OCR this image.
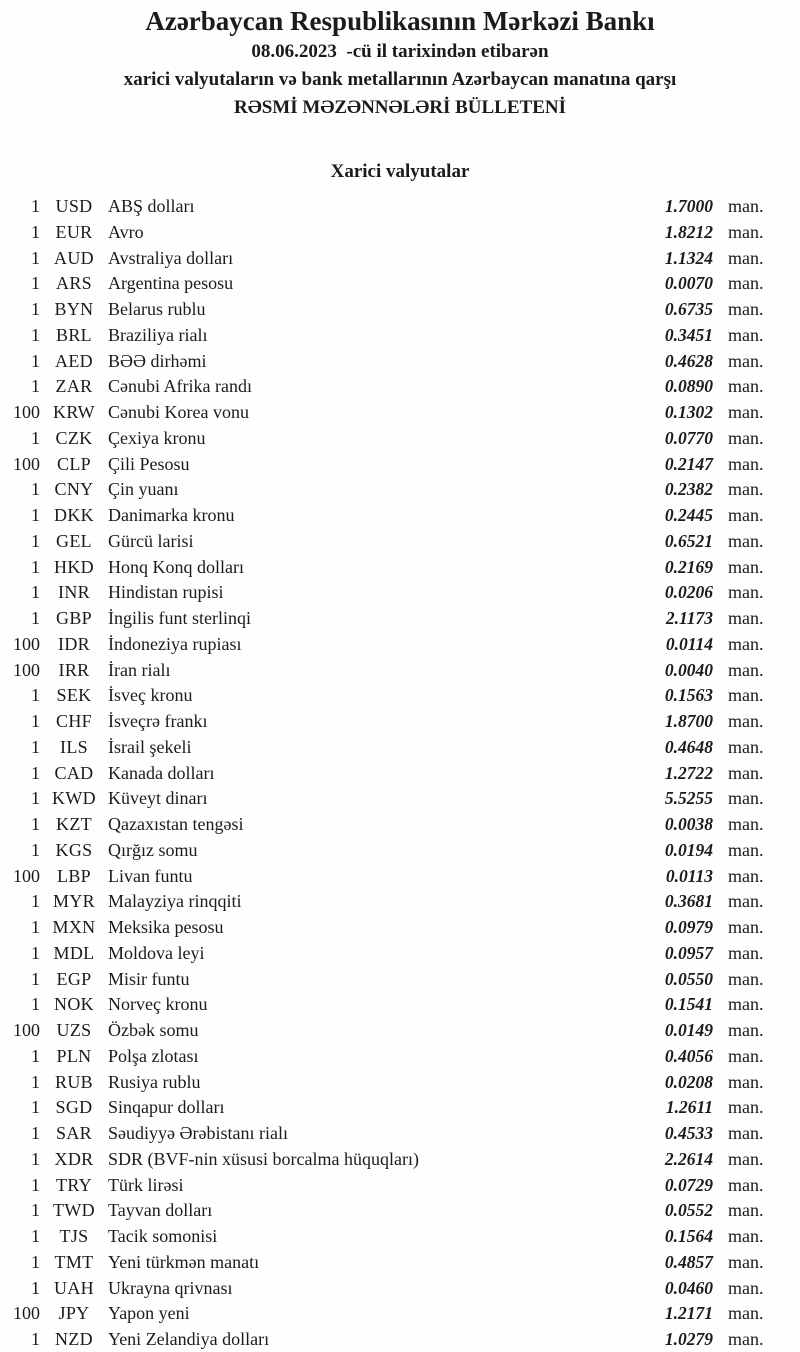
Azərbaycan Respublikasının Mərkəzi Bankı

08.06.2023  -cü il tarixindən etibarən

xarici valyutaların və bank metallarının Azərbaycan manatına qarşı

RƏSMİ MƏZƏNNƏLƏRİ BÜLLETENİ

Xarici valyutalar
1 USD ABŞ dolları	1.7000 man.
1 EUR Avro	1.8212 man.
1 AUD Avstraliya dolları	1.1324 man.
1 ARS Argentina pesosu	0.0070 man.
1 BYN Belarus rublu	0.6735 man.
1 BRL Braziliya rialı	0.3451 man.
1 AED BƏƏ dirhəmi	0.4628 man.
1 ZAR Cənubi Afrika randı	0.0890 man.
100 KRW Cənubi Korea vonu	0.1302 man.
1 CZK Çexiya kronu	0.0770 man.
100 CLP Çili Pesosu	0.2147 man.
1 CNY Çin yuanı	0.2382 man.
1 DKK Danimarka kronu	0.2445 man.
1 GEL Gürcü larisi	0.6521 man.
1 HKD Honq Konq dolları	0.2169 man.
1	INR	Hindistan rupisi	0.0206 man.
1 GBP İngilis funt sterlinqi	2.1173 man.
100	IDR	İndoneziya rupiası	0.0114 man.
100	IRR	İran rialı	0.0040 man.
1 SEK İsveç kronu	0.1563 man.
1 CHF İsveçrə frankı	1.8700 man.
1	ILS	İsrail şekeli	0.4648 man.
1 CAD Kanada dolları	1.2722 man.
1 KWD Küveyt dinarı	5.5255 man.
1 KZT Qazaxıstan tengəsi	0.0038 man.
1 KGS Qırğız somu	0.0194 man.
100 LBP Livan funtu	0.0113 man.
1 MYR Malayziya rinqqiti	0.3681 man.
1 MXN Meksika pesosu	0.0979 man.
1 MDL Moldova leyi	0.0957 man.
1 EGP Misir funtu	0.0550 man.
1 NOK Norveç kronu	0.1541 man.
100 UZS Özbək somu	0.0149 man.
1 PLN Polşa zlotası	0.4056 man.
1 RUB Rusiya rublu	0.0208 man.
1 SGD Sinqapur dolları	1.2611 man.
1 SAR Səudiyyə Ərəbistanı rialı	0.4533 man.
1 XDR SDR (BVF-nin xüsusi borcalma hüquqları)	2.2614 man.
1 TRY Türk lirəsi	0.0729 man.
1 TWD Tayvan dolları	0.0552 man.
1	TJS	Tacik somonisi	0.1564 man.
1 TMT Yeni türkmən manatı	0.4857 man.
1 UAH Ukrayna qrivnası	0.0460 man.
100	JPY	Yapon yeni	1.2171 man.
1 NZD Yeni Zelandiya dolları	1.0279 man.
